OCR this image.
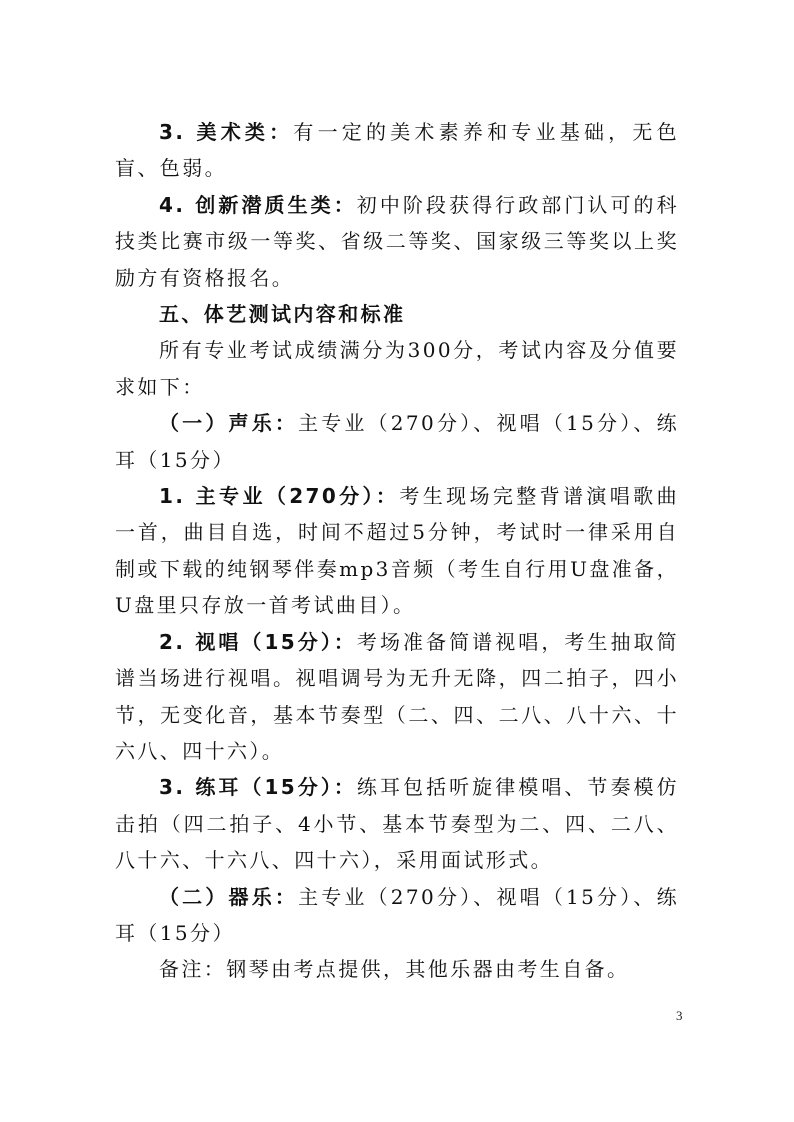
3. 美术类：有一定的美术素养和专业基础，无色盲、色弱。

4. 创新潜质生类：初中阶段获得行政部门认可的科技类比赛市级一等奖、省级二等奖、国家级三等奖以上奖励方有资格报名。

五、体艺测试内容和标准

所有专业考试成绩满分为300分，考试内容及分值要求如下：

（一）声乐：主专业（270分）、视唱（15分）、练耳（15分）

1. 主专业（270分）：考生现场完整背谱演唱歌曲一首，曲目自选，时间不超过5分钟，考试时一律采用自制或下载的纯钢琴伴奏mp3音频（考生自行用U盘准备，U盘里只存放一首考试曲目）。

2. 视唱（15分）：考场准备简谱视唱，考生抽取简谱当场进行视唱。视唱调号为无升无降，四二拍子，四小节，无变化音，基本节奏型（二、四、二八、八十六、十六八、四十六）。

3. 练耳（15分）：练耳包括听旋律模唱、节奏模仿击拍（四二拍子、4小节、基本节奏型为二、四、二八、八十六、十六八、四十六），采用面试形式。

（二）器乐：主专业（270分）、视唱（15分）、练耳（15分）

备注：钢琴由考点提供，其他乐器由考生自备。

3
